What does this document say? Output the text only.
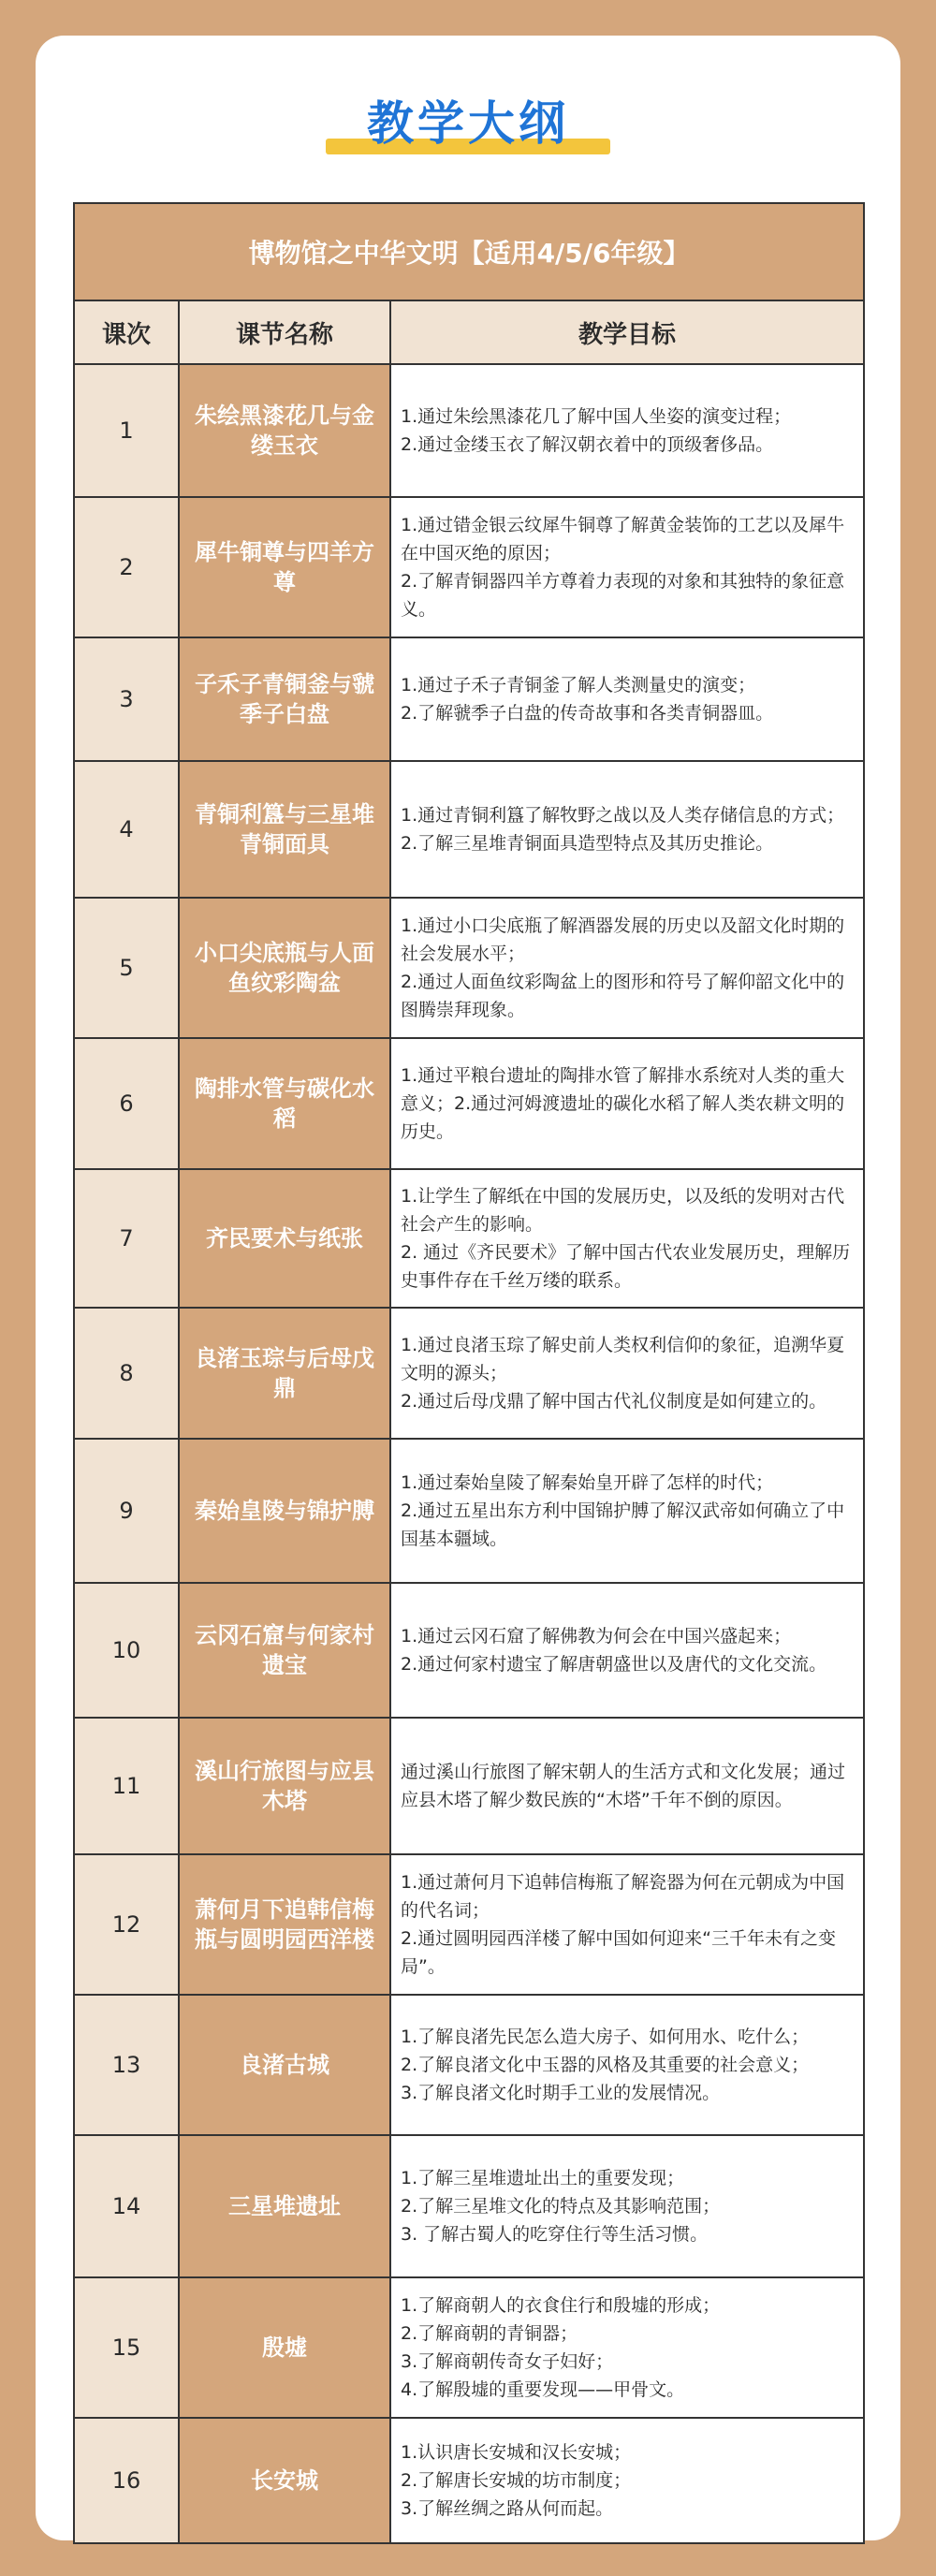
教学大纲
博物馆之中华文明【适用4/5/6年级】		
课次	课节名称	教学目标
1	朱绘黑漆花几与金缕玉衣	1.通过朱绘黑漆花几了解中国人坐姿的演变过程；
2.通过金缕玉衣了解汉朝衣着中的顶级奢侈品。
2	犀牛铜尊与四羊方尊	1.通过错金银云纹犀牛铜尊了解黄金装饰的工艺以及犀牛在中国灭绝的原因；
2.了解青铜器四羊方尊着力表现的对象和其独特的象征意义。
3	子禾子青铜釜与虢季子白盘	1.通过子禾子青铜釜了解人类测量史的演变；
2.了解虢季子白盘的传奇故事和各类青铜器皿。
4	青铜利簋与三星堆青铜面具	1.通过青铜利簋了解牧野之战以及人类存储信息的方式；
2.了解三星堆青铜面具造型特点及其历史推论。
5	小口尖底瓶与人面鱼纹彩陶盆	1.通过小口尖底瓶了解酒器发展的历史以及韶文化时期的社会发展水平；
2.通过人面鱼纹彩陶盆上的图形和符号了解仰韶文化中的图腾崇拜现象。
6	陶排水管与碳化水稻	1.通过平粮台遗址的陶排水管了解排水系统对人类的重大意义；2.通过河姆渡遗址的碳化水稻了解人类农耕文明的历史。
7	齐民要术与纸张	1.让学生了解纸在中国的发展历史，以及纸的发明对古代社会产生的影响。
2. 通过《齐民要术》了解中国古代农业发展历史，理解历史事件存在千丝万缕的联系。
8	良渚玉琮与后母戊鼎	1.通过良渚玉琮了解史前人类权利信仰的象征，追溯华夏文明的源头；
2.通过后母戊鼎了解中国古代礼仪制度是如何建立的。
9	秦始皇陵与锦护膊	1.通过秦始皇陵了解秦始皇开辟了怎样的时代；
2.通过五星出东方利中国锦护膊了解汉武帝如何确立了中国基本疆域。
10	云冈石窟与何家村遗宝	1.通过云冈石窟了解佛教为何会在中国兴盛起来；
2.通过何家村遗宝了解唐朝盛世以及唐代的文化交流。
11	溪山行旅图与应县木塔	通过溪山行旅图了解宋朝人的生活方式和文化发展；通过应县木塔了解少数民族的“木塔”千年不倒的原因。
12	萧何月下追韩信梅瓶与圆明园西洋楼	1.通过萧何月下追韩信梅瓶了解瓷器为何在元朝成为中国的代名词；
2.通过圆明园西洋楼了解中国如何迎来“三千年未有之变局”。
13	良渚古城	1.了解良渚先民怎么造大房子、如何用水、吃什么；
2.了解良渚文化中玉器的风格及其重要的社会意义；
3.了解良渚文化时期手工业的发展情况。
14	三星堆遗址	1.了解三星堆遗址出土的重要发现；
2.了解三星堆文化的特点及其影响范围；
3. 了解古蜀人的吃穿住行等生活习惯。
15	殷墟	1.了解商朝人的衣食住行和殷墟的形成；
2.了解商朝的青铜器；
3.了解商朝传奇女子妇好；
4.了解殷墟的重要发现——甲骨文。
16	长安城	1.认识唐长安城和汉长安城；
2.了解唐长安城的坊市制度；
3.了解丝绸之路从何而起。
